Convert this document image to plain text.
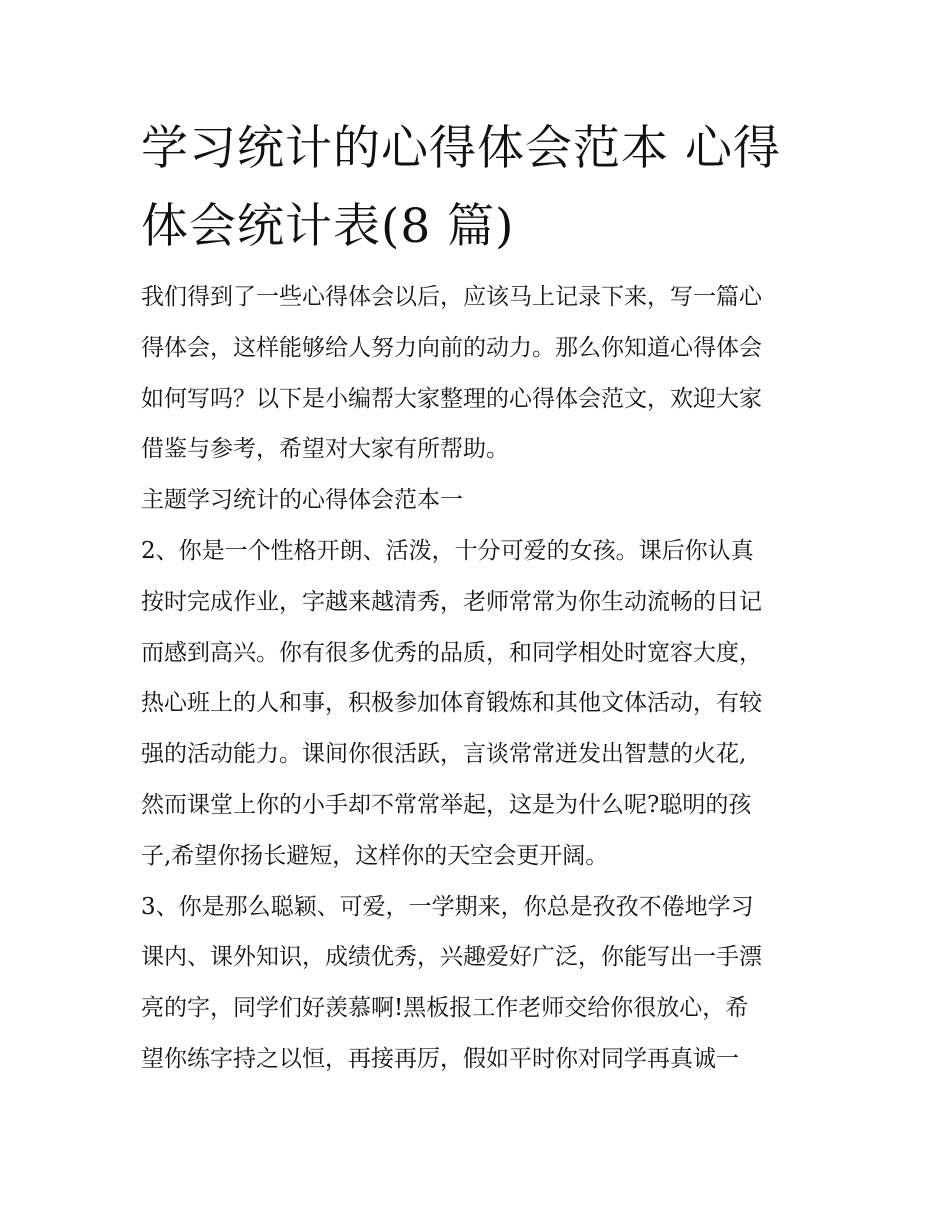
学习统计的心得体会范本 心得
体会统计表(8 篇)

我们得到了一些心得体会以后，应该马上记录下来，写一篇心
得体会，这样能够给人努力向前的动力。那么你知道心得体会
如何写吗？以下是小编帮大家整理的心得体会范文，欢迎大家
借鉴与参考，希望对大家有所帮助。

主题学习统计的心得体会范本一

2、你是一个性格开朗、活泼，十分可爱的女孩。课后你认真
按时完成作业，字越来越清秀，老师常常为你生动流畅的日记
而感到高兴。你有很多优秀的品质，和同学相处时宽容大度，
热心班上的人和事，积极参加体育锻炼和其他文体活动，有较
强的活动能力。课间你很活跃，言谈常常迸发出智慧的火花,
然而课堂上你的小手却不常常举起，这是为什么呢?聪明的孩
子,希望你扬长避短，这样你的天空会更开阔。

3、你是那么聪颖、可爱，一学期来，你总是孜孜不倦地学习
课内、课外知识，成绩优秀，兴趣爱好广泛，你能写出一手漂
亮的字，同学们好羡慕啊!黑板报工作老师交给你很放心，希
望你练字持之以恒，再接再厉，假如平时你对同学再真诚一
